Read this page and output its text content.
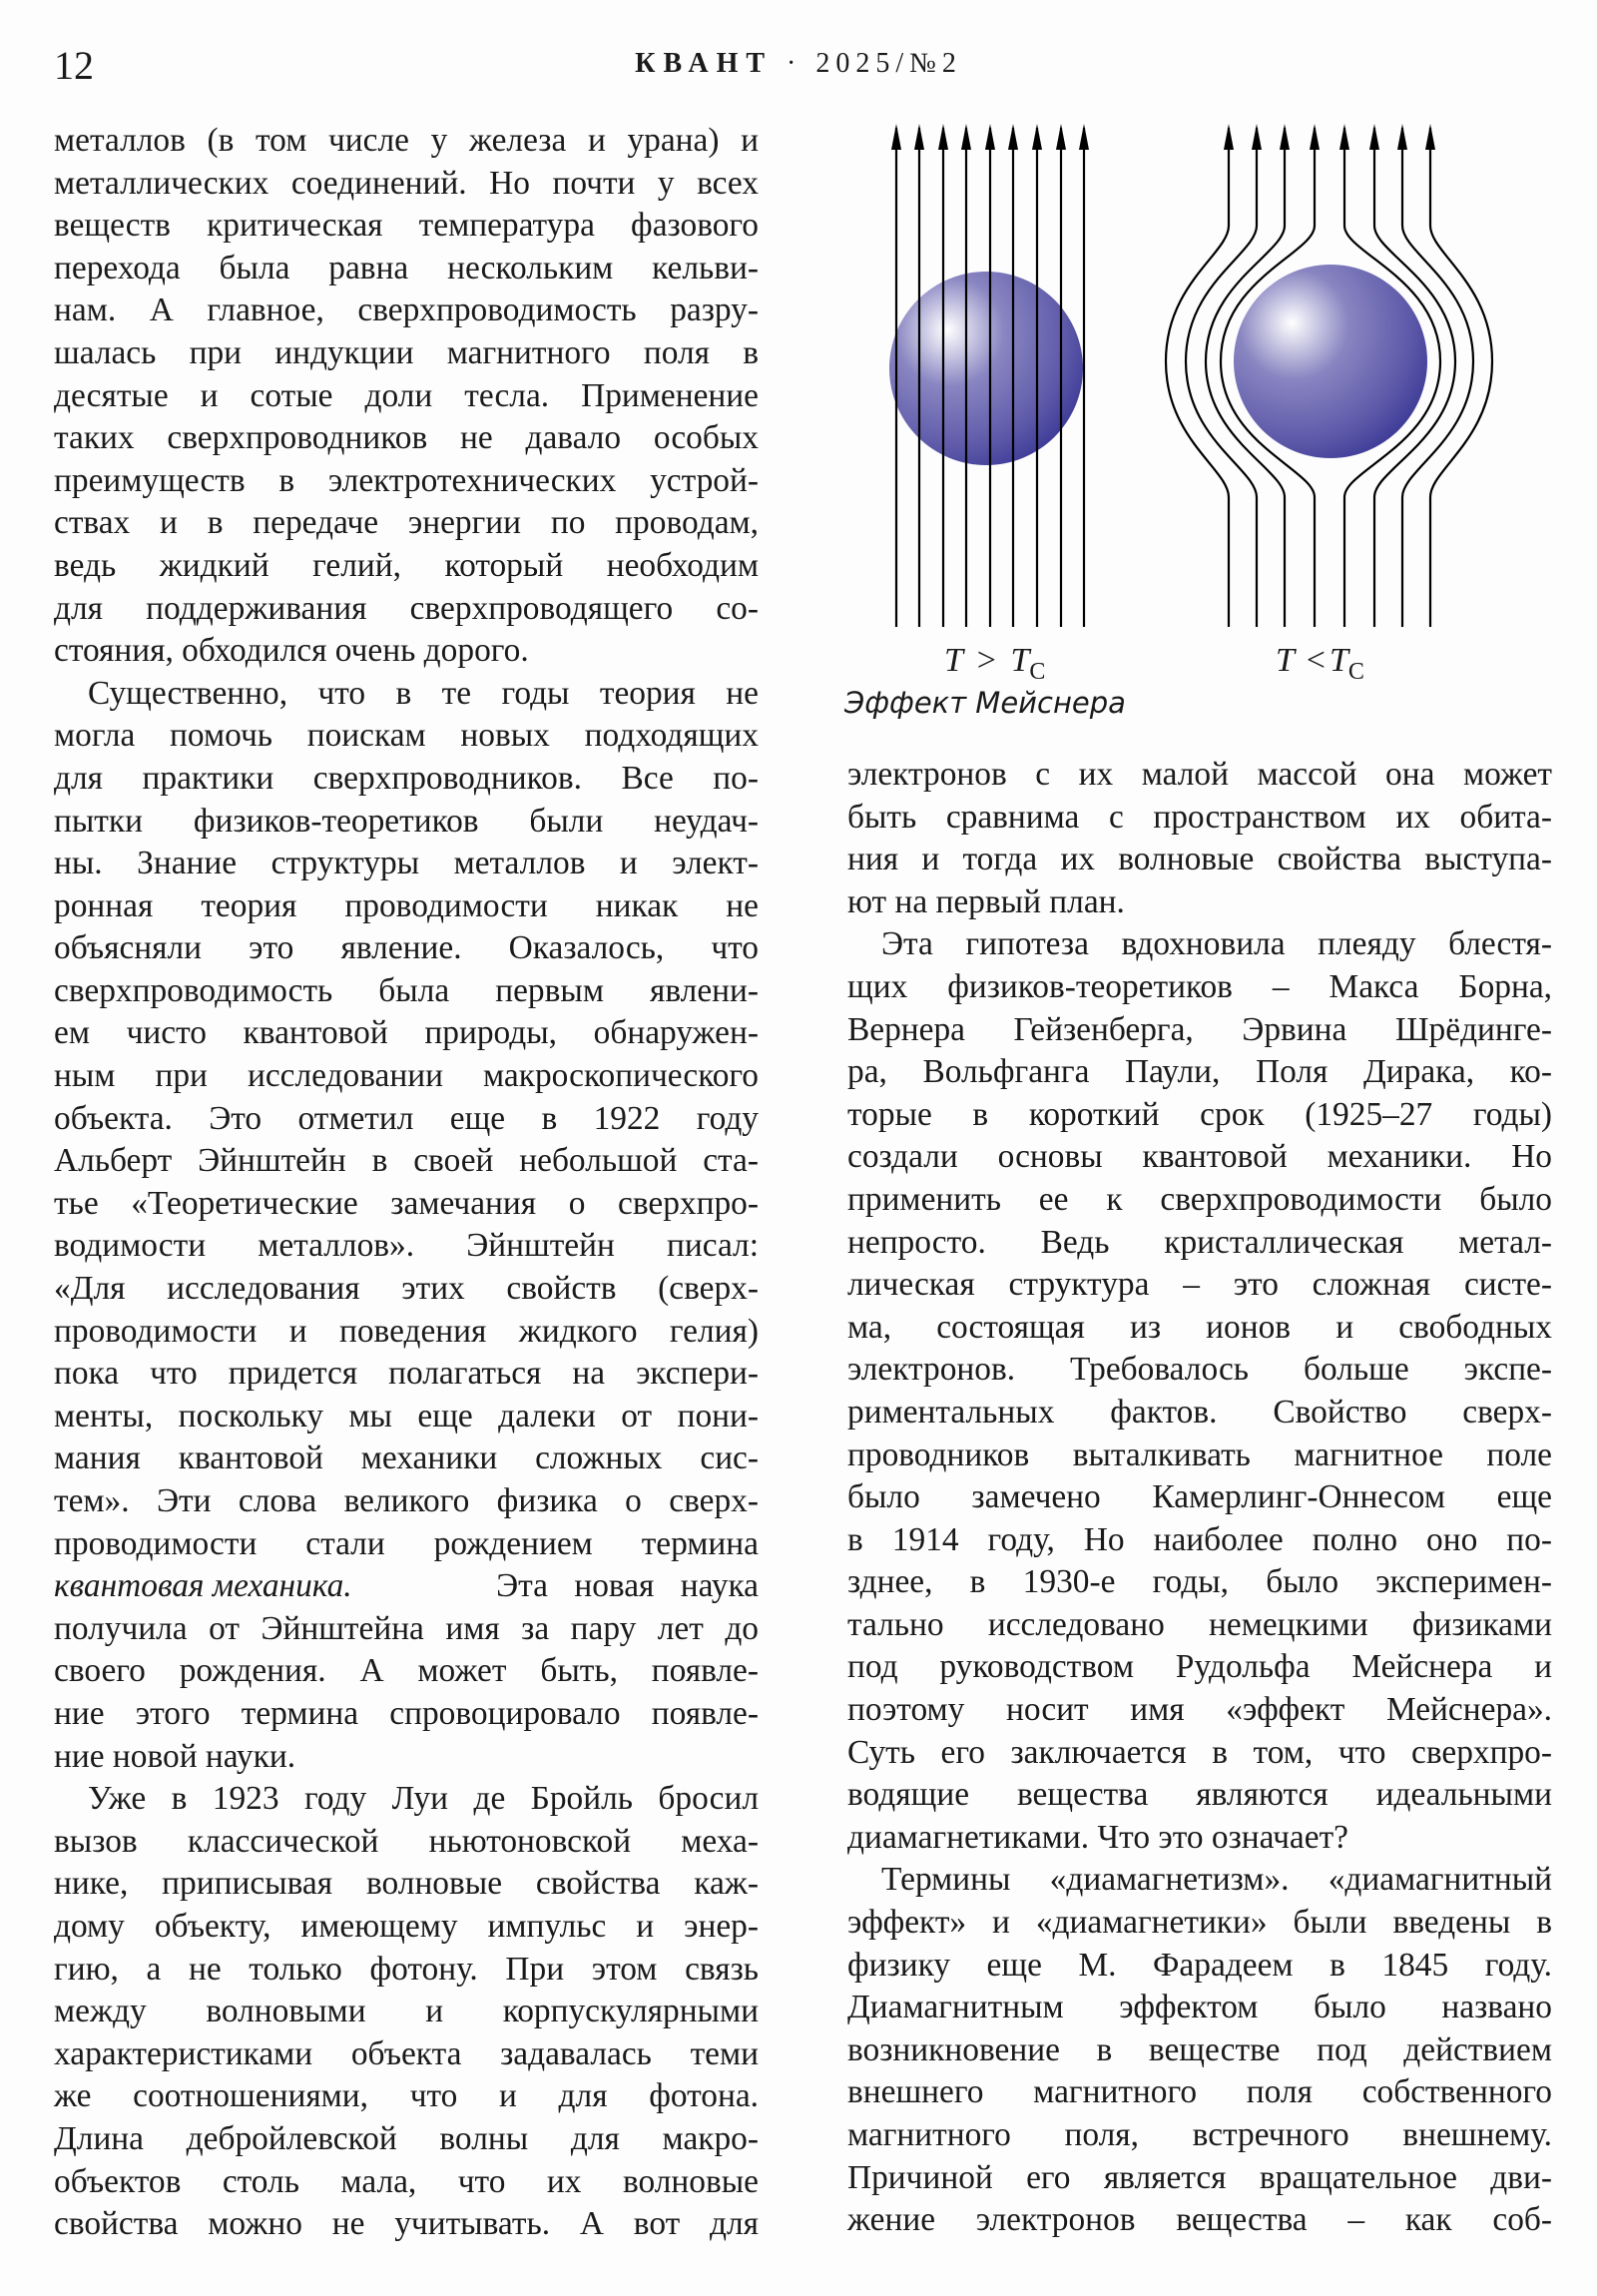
12	КВАНТ · 2025/№2
металлов (в том числе у железа и урана) и
металлических соединений. Но почти у всех
веществ критическая температура фазового
перехода была равна нескольким кельви-
нам. А главное, сверхпроводимость разру-
шалась при индукции магнитного поля в
десятые и сотые доли тесла. Применение
таких сверхпроводников не давало особых
преимуществ в электротехнических устрой-
ствах и в передаче энергии по проводам,
ведь жидкий гелий, который необходим
для поддерживания сверхпроводящего со-
стояния, обходился очень дорого.
Существенно, что в те годы теория не
могла помочь поискам новых подходящих
для практики сверхпроводников. Все по-
пытки физиков-теоретиков были неудач-
ны. Знание структуры металлов и элект-
ронная теория проводимости никак не
объясняли это явление. Оказалось, что
сверхпроводимость была первым явлени-
ем чисто квантовой природы, обнаружен-
ным при исследовании макроскопического
объекта. Это отметил еще в 1922 году
Альберт Эйнштейн в своей небольшой ста-
тье «Теоретические замечания о сверхпро-
водимости металлов». Эйнштейн писал:
«Для исследования этих свойств (сверх-
проводимости и поведения жидкого гелия)
пока что придется полагаться на экспери-
менты, поскольку мы еще далеки от пони-
мания квантовой механики сложных сис-
тем». Эти слова великого физика о сверх-
проводимости стали рождением термина
квантовая механика.	Эта новая наука
получила от Эйнштейна имя за пару лет до
своего рождения. А может быть, появле-
ние этого термина спровоцировало появле-
ние новой науки.
Уже в 1923 году Луи де Бройль бросил
вызов классической ньютоновской меха-
нике, приписывая волновые свойства каж-
дому объекту, имеющему импульс и энер-
гию, а не только фотону. При этом связь
между волновыми и корпускулярными
характеристиками объекта задавалась теми
же соотношениями, что и для фотона.
Длина дебройлевской волны для макро-
объектов столь мала, что их волновые
свойства можно не учитывать. А вот для
$T > T_C$	$T < T_C$
Эффект Мейснера
электронов с их малой массой она может
быть сравнима с пространством их обита-
ния и тогда их волновые свойства выступа-
ют на первый план.
Эта гипотеза вдохновила плеяду блестя-
щих физиков-теоретиков – Макса Борна,
Вернера Гейзенберга, Эрвина Шрёдинге-
ра, Вольфганга Паули, Поля Дирака, ко-
торые в короткий срок (1925–27 годы)
создали основы квантовой механики. Но
применить ее к сверхпроводимости было
непросто. Ведь кристаллическая метал-
лическая структура – это сложная систе-
ма, состоящая из ионов и свободных
электронов. Требовалось больше экспе-
риментальных фактов. Свойство сверх-
проводников выталкивать магнитное поле
было замечено Камерлинг-Оннесом еще
в 1914 году, Но наиболее полно оно по-
зднее, в 1930-е годы, было эксперимен-
тально исследовано немецкими физиками
под руководством Рудольфа Мейснера и
поэтому носит имя «эффект Мейснера».
Суть его заключается в том, что сверхпро-
водящие вещества являются идеальными
диамагнетиками. Что это означает?
Термины «диамагнетизм». «диамагнитный
эффект» и «диамагнетики» были введены в
физику еще М. Фарадеем в 1845 году.
Диамагнитным эффектом было названо
возникновение в веществе под действием
внешнего магнитного поля собственного
магнитного поля, встречного внешнему.
Причиной его является вращательное дви-
жение электронов вещества – как соб-
